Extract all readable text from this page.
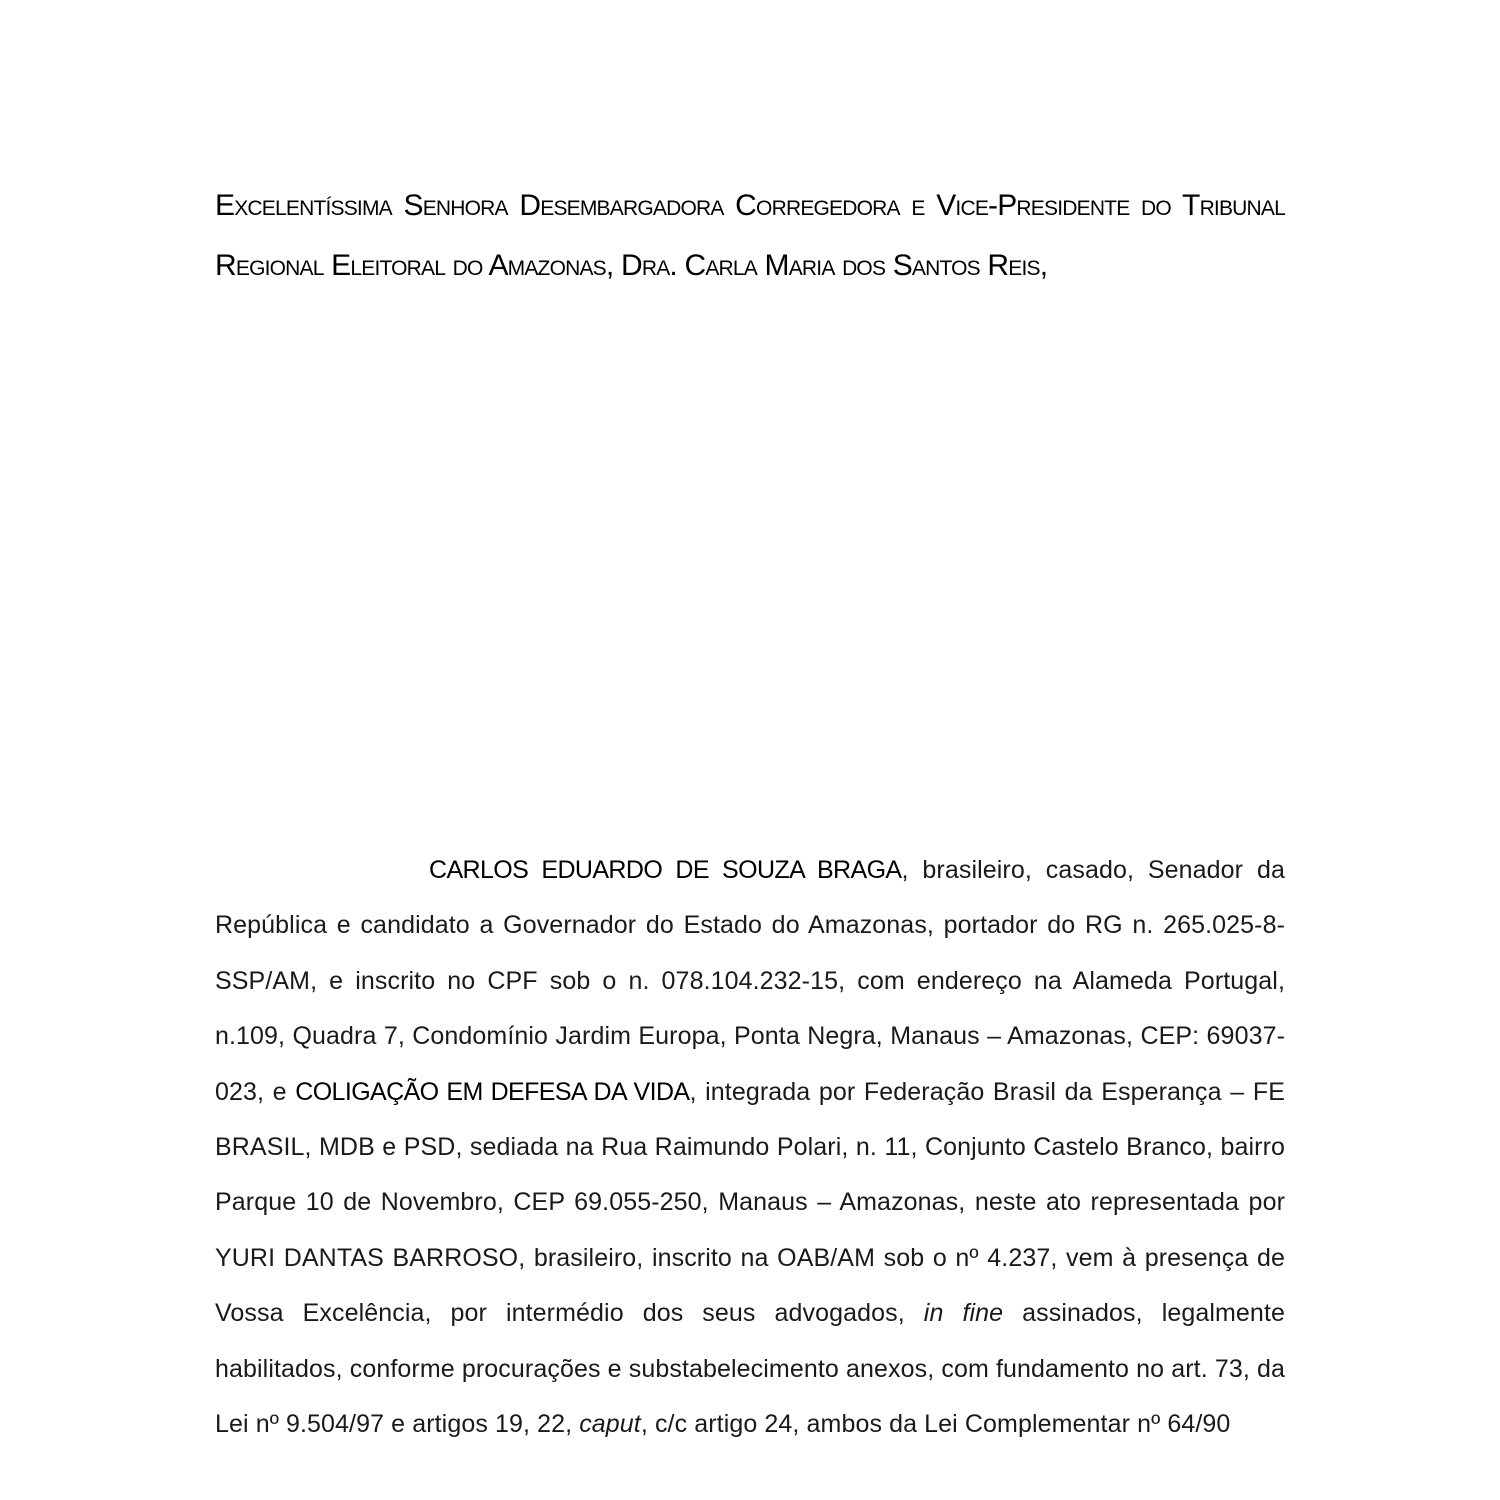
Excelentíssima Senhora Desembargadora Corregedora e Vice-Presidente do Tribunal Regional Eleitoral do Amazonas, Dra. Carla Maria dos Santos Reis,

CARLOS EDUARDO DE SOUZA BRAGA, brasileiro, casado, Senador da República e candidato a Governador do Estado do Amazonas, portador do RG n. 265.025-8-SSP/AM, e inscrito no CPF sob o n. 078.104.232-15, com endereço na Alameda Portugal, n.109, Quadra 7, Condomínio Jardim Europa, Ponta Negra, Manaus – Amazonas, CEP: 69037-023, e COLIGAÇÃO EM DEFESA DA VIDA, integrada por Federação Brasil da Esperança – FE BRASIL, MDB e PSD, sediada na Rua Raimundo Polari, n. 11, Conjunto Castelo Branco, bairro Parque 10 de Novembro, CEP 69.055-250, Manaus – Amazonas, neste ato representada por YURI DANTAS BARROSO, brasileiro, inscrito na OAB/AM sob o nº 4.237, vem à presença de Vossa Excelência, por intermédio dos seus advogados, in fine assinados, legalmente habilitados, conforme procurações e substabelecimento anexos, com fundamento no art. 73, da Lei nº 9.504/97 e artigos 19, 22, caput, c/c artigo 24, ambos da Lei Complementar nº 64/90
